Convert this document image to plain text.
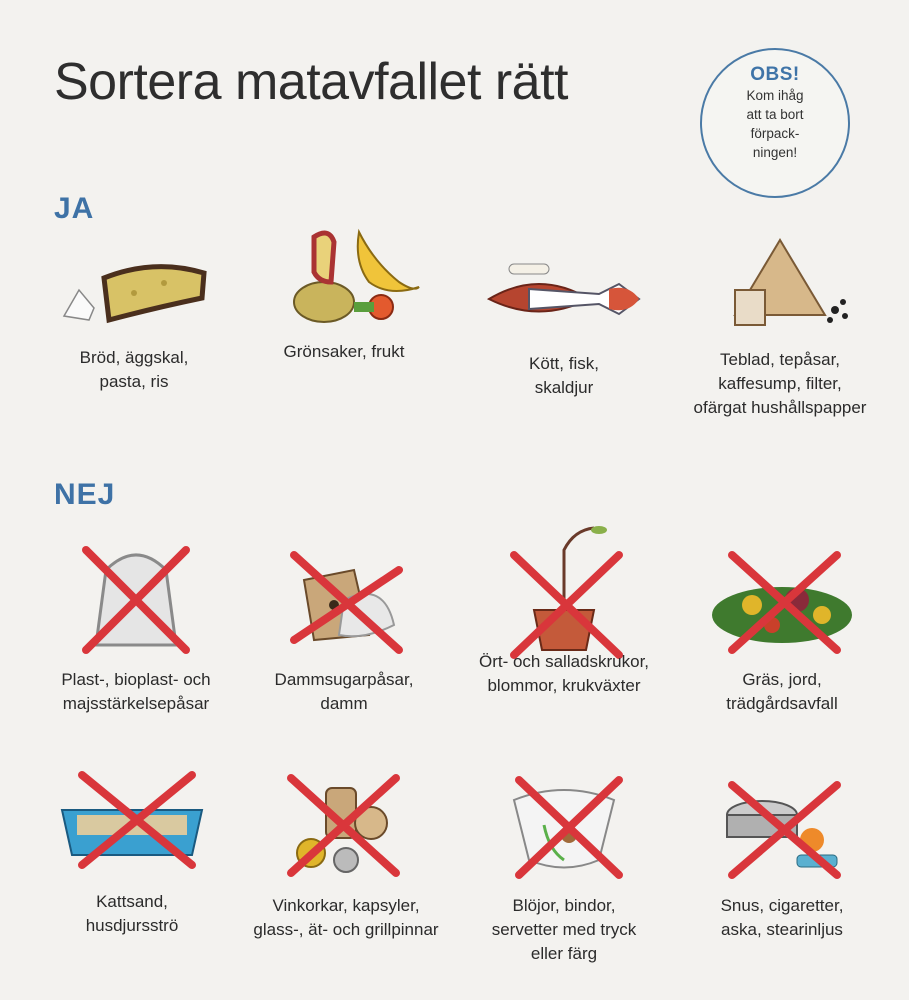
Sortera matavfallet rätt	OBS!
Kom ihåg
att ta bort
förpack-
ningen!
JA
Bröd, äggskal,
pasta, ris
Grönsaker, frukt
Kött, fisk,
skaldjur
Teblad, tepåsar,
kaffesump, filter,
ofärgat hushållspapper
NEJ
Plast-, bioplast- och
majsstärkelsepåsar
Dammsugarpåsar,
damm
Ört- och salladskrukor,
blommor, krukväxter	Gräs, jord,
trädgårdsavfall
Kattsand,
husdjursströ
Vinkorkar, kapsyler,
glass-, ät- och grillpinnar
Blöjor, bindor,
servetter med tryck
eller färg
Snus, cigaretter,
aska, stearinljus
